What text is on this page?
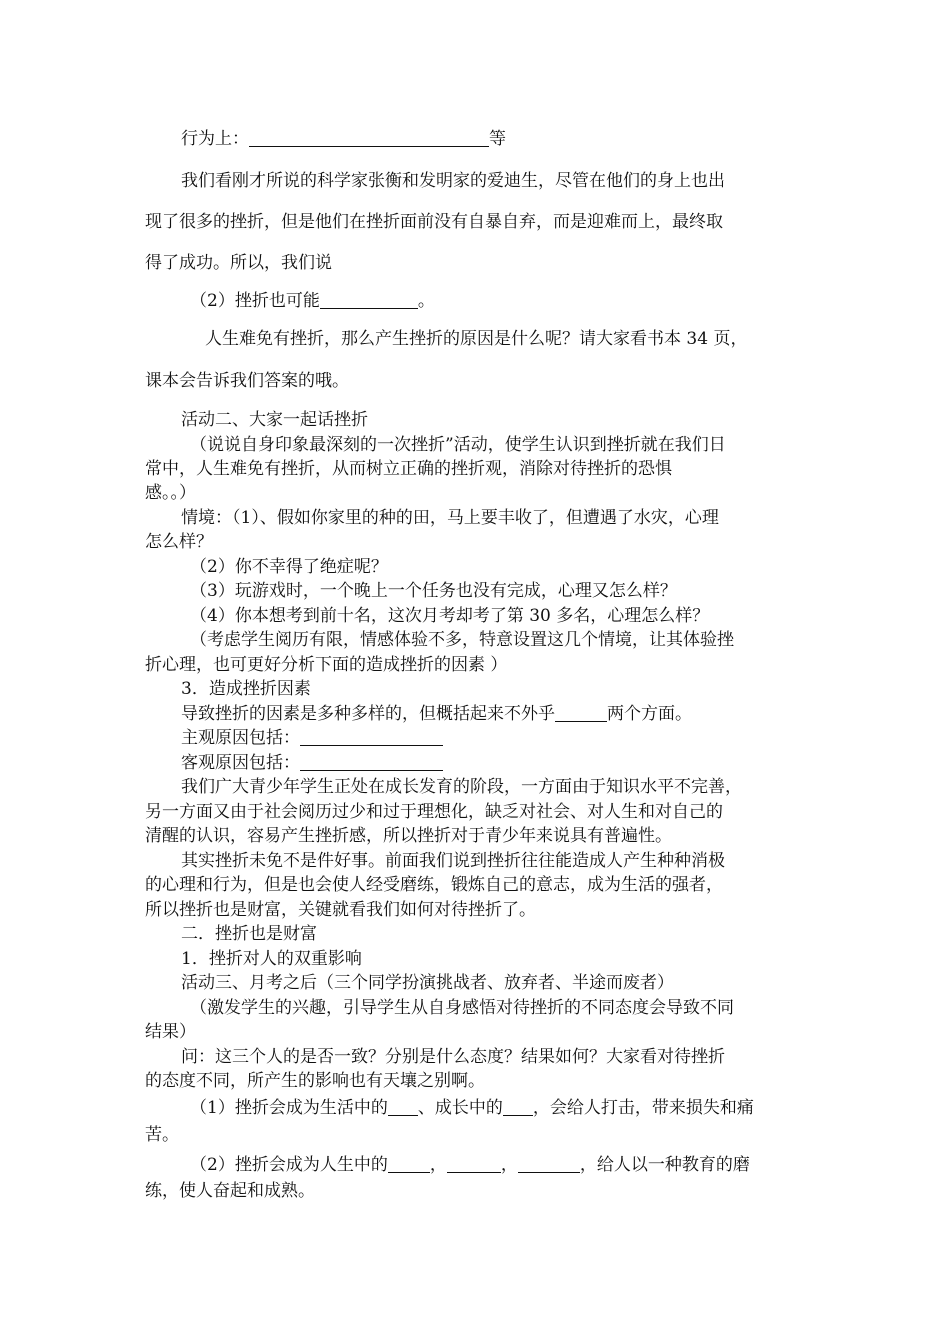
行为上：	等

我们看刚才所说的科学家张衡和发明家的爱迪生，尽管在他们的身上也出

现了很多的挫折，但是他们在挫折面前没有自暴自弃，而是迎难而上，最终取

得了成功。所以，我们说

（2）挫折也可能	。

人生难免有挫折，那么产生挫折的原因是什么呢？请大家看书本 34 页，

课本会告诉我们答案的哦。

活动二、大家一起话挫折

（说说自身印象最深刻的一次挫折”活动，使学生认识到挫折就在我们日

常中，人生难免有挫折，从而树立正确的挫折观，消除对待挫折的恐惧

感。。）

情境：（1）、假如你家里的种的田，马上要丰收了，但遭遇了水灾，心理

怎么样？

（2）你不幸得了绝症呢？

（3）玩游戏时，一个晚上一个任务也没有完成，心理又怎么样？

（4）你本想考到前十名，这次月考却考了第 30 多名，心理怎么样？

（考虑学生阅历有限，情感体验不多，特意设置这几个情境，让其体验挫

折心理，也可更好分析下面的造成挫折的因素 ）

3．造成挫折因素

导致挫折的因素是多种多样的，但概括起来不外乎	两个方面。

主观原因包括：

客观原因包括：

我们广大青少年学生正处在成长发育的阶段，一方面由于知识水平不完善，

另一方面又由于社会阅历过少和过于理想化，缺乏对社会、对人生和对自己的

清醒的认识，容易产生挫折感，所以挫折对于青少年来说具有普遍性。

其实挫折未免不是件好事。前面我们说到挫折往往能造成人产生种种消极

的心理和行为，但是也会使人经受磨练，锻炼自己的意志，成为生活的强者，

所以挫折也是财富，关键就看我们如何对待挫折了。

二．挫折也是财富

1．挫折对人的双重影响

活动三、月考之后（三个同学扮演挑战者、放弃者、半途而废者）

（激发学生的兴趣，引导学生从自身感悟对待挫折的不同态度会导致不同

结果）

问：这三个人的是否一致？分别是什么态度？结果如何？大家看对待挫折

的态度不同，所产生的影响也有天壤之别啊。

（1）挫折会成为生活中的 、成长中的 ，会给人打击，带来损失和痛

苦。

（2）挫折会成为人生中的 ，	，	，给人以一种教育的磨

练，使人奋起和成熟。
